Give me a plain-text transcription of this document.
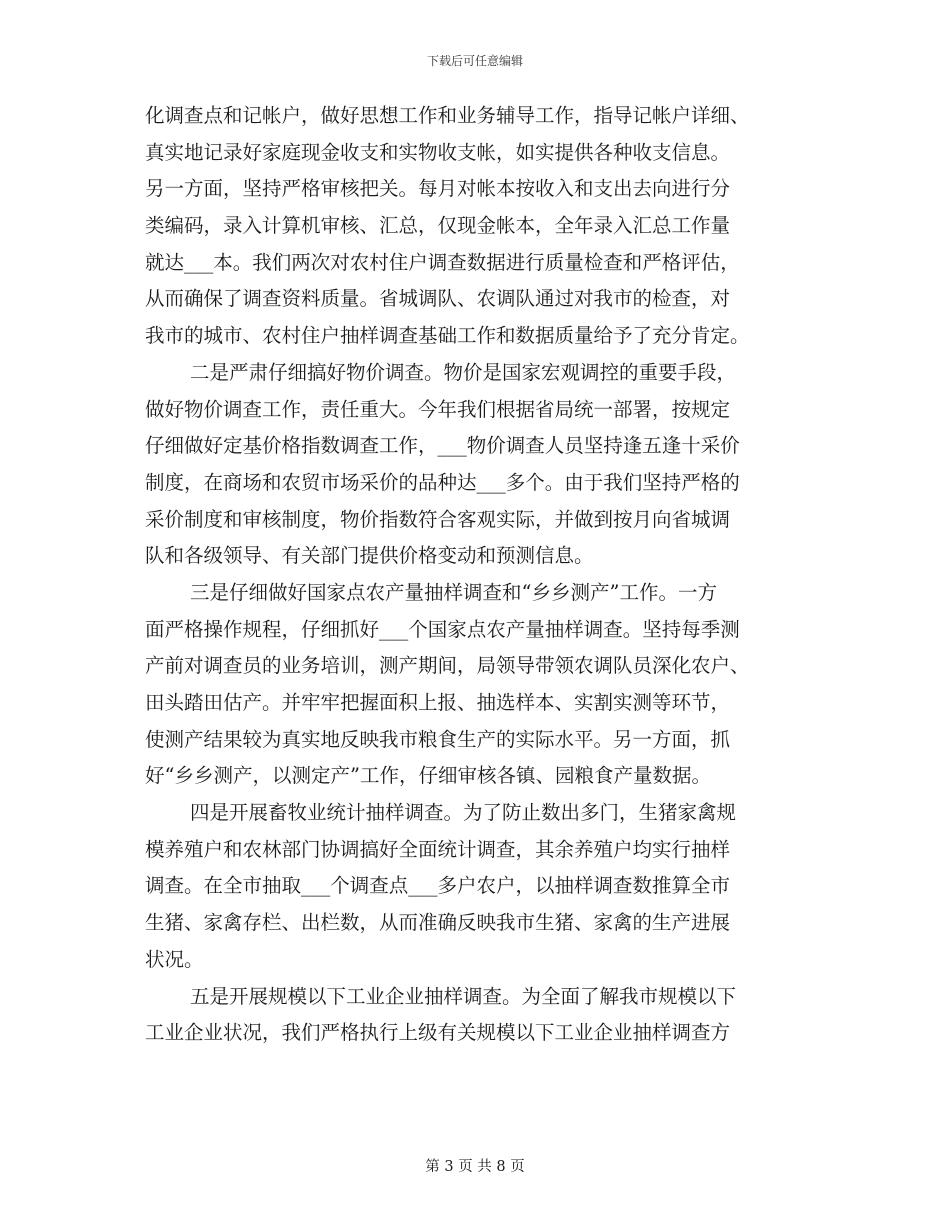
下载后可任意编辑
化调查点和记帐户，做好思想工作和业务辅导工作，指导记帐户详细、
真实地记录好家庭现金收支和实物收支帐，如实提供各种收支信息。
另一方面，坚持严格审核把关。每月对帐本按收入和支出去向进行分
类编码，录入计算机审核、汇总，仅现金帐本，全年录入汇总工作量
就达___本。我们两次对农村住户调查数据进行质量检查和严格评估，
从而确保了调查资料质量。省城调队、农调队通过对我市的检查，对
我市的城市、农村住户抽样调查基础工作和数据质量给予了充分肯定。
二是严肃仔细搞好物价调查。物价是国家宏观调控的重要手段，
做好物价调查工作，责任重大。今年我们根据省局统一部署，按规定
仔细做好定基价格指数调查工作，___物价调查人员坚持逢五逢十采价
制度，在商场和农贸市场采价的品种达___多个。由于我们坚持严格的
采价制度和审核制度，物价指数符合客观实际，并做到按月向省城调
队和各级领导、有关部门提供价格变动和预测信息。
三是仔细做好国家点农产量抽样调查和“乡乡测产”工作。一方
面严格操作规程，仔细抓好___个国家点农产量抽样调查。坚持每季测
产前对调查员的业务培训，测产期间，局领导带领农调队员深化农户、
田头踏田估产。并牢牢把握面积上报、抽选样本、实割实测等环节，
使测产结果较为真实地反映我市粮食生产的实际水平。另一方面，抓
好“乡乡测产，以测定产”工作，仔细审核各镇、园粮食产量数据。
四是开展畜牧业统计抽样调查。为了防止数出多门，生猪家禽规
模养殖户和农林部门协调搞好全面统计调查，其余养殖户均实行抽样
调查。在全市抽取___个调查点___多户农户，以抽样调查数推算全市
生猪、家禽存栏、出栏数，从而准确反映我市生猪、家禽的生产进展
状况。
五是开展规模以下工业企业抽样调查。为全面了解我市规模以下
工业企业状况，我们严格执行上级有关规模以下工业企业抽样调查方
第 3 页 共 8 页
